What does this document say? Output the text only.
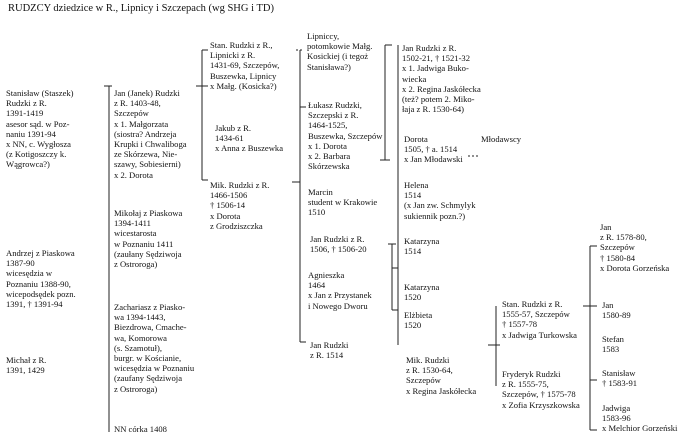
RUDZCY dziedzice w R., Lipnicy i Szczepach (wg SHG i TD)
Stanisław (Staszek)
Rudzki z R.
1391-1419
asesor sąd. w Poz-
naniu 1391-94
x NN, c. Wygłosza
(z Kotigoszczy k.
Wągrowca?)
Andrzej z Piaskowa
1387-90
wicesędzia w
Poznaniu 1388-90,
wicepodsędek pozn.
1391, † 1391-94
Michał z R.
1391, 1429
Jan (Janek) Rudzki
z R. 1403-48,
Szczepów
x 1. Małgorzata
(siostra? Andrzeja
Krupki i Chwaliboga
ze Skórzewa, Nie-
szawy, Sobiesierni)
x 2. Dorota
Mikołaj z Piaskowa
1394-1411
wicestarosta
w Poznaniu 1411
(zaułany Sędziwoja
z Ostroroga)
Zachariasz z Piasko-
wa 1394-1443,
Biezdrowa, Cmache-
wa, Komorowa
(s. Szamotuł),
burgr. w Kościanie,
wicesędzia w Poznaniu
(zaufany Sędziwoja
z Ostroroga)
NN córka 1408
Stan. Rudzki z R.,
Lipnicki z R.
1431-69, Szczepów,
Buszewka, Lipnicy
x Małg. (Kosicka?)
Jakub z R.
1434-61
x Anna z Buszewka
Mik. Rudzki z R.
1466-1506
† 1506-14
x Dorota
z Grodziszczka
Lipniccy,
potomkowie Małg.
Kosickiej (i tegoż
Stanisława?)
Łukasz Rudzki,
Szczepski z R.
1464-1525,
Buszewka, Szczepów
x 1. Dorota
x 2. Barbara
Skórzewska
Marcin
student w Krakowie
1510
Jan Rudzki z R.
1506, † 1506-20
Agnieszka
1464
x Jan z Przystanek
i Nowego Dworu
Jan Rudzki
z R. 1514
Jan Rudzki z R.
1502-21, † 1521-32
x 1. Jadwiga Buko-
wiecka
x 2. Regina Jaskółecka
(też? potem 2. Miko-
łaja z R. 1530-64)
Dorota
1505, † a. 1514
x Jan Młodawski
Młodawscy
Helena
1514
(x Jan zw. Schmylyk
sukiennik pozn.?)
Katarzyna
1514
Katarzyna
1520
Elżbieta
1520
Mik. Rudzki
z R. 1530-64,
Szczepów
x Regina Jaskółecka
Stan. Rudzki z R.
1555-57, Szczepów
† 1557-78
x Jadwiga Turkowska
Fryderyk Rudzki
z R. 1555-75,
Szczepów, † 1575-78
x Zofia Krzyszkowska
Jan
z R. 1578-80,
Szczepów
† 1580-84
x Dorota Gorzeńska
Jan
1580-89
Stefan
1583
Stanisław
† 1583-91
Jadwiga
1583-96
x Melchior Gorzeński
